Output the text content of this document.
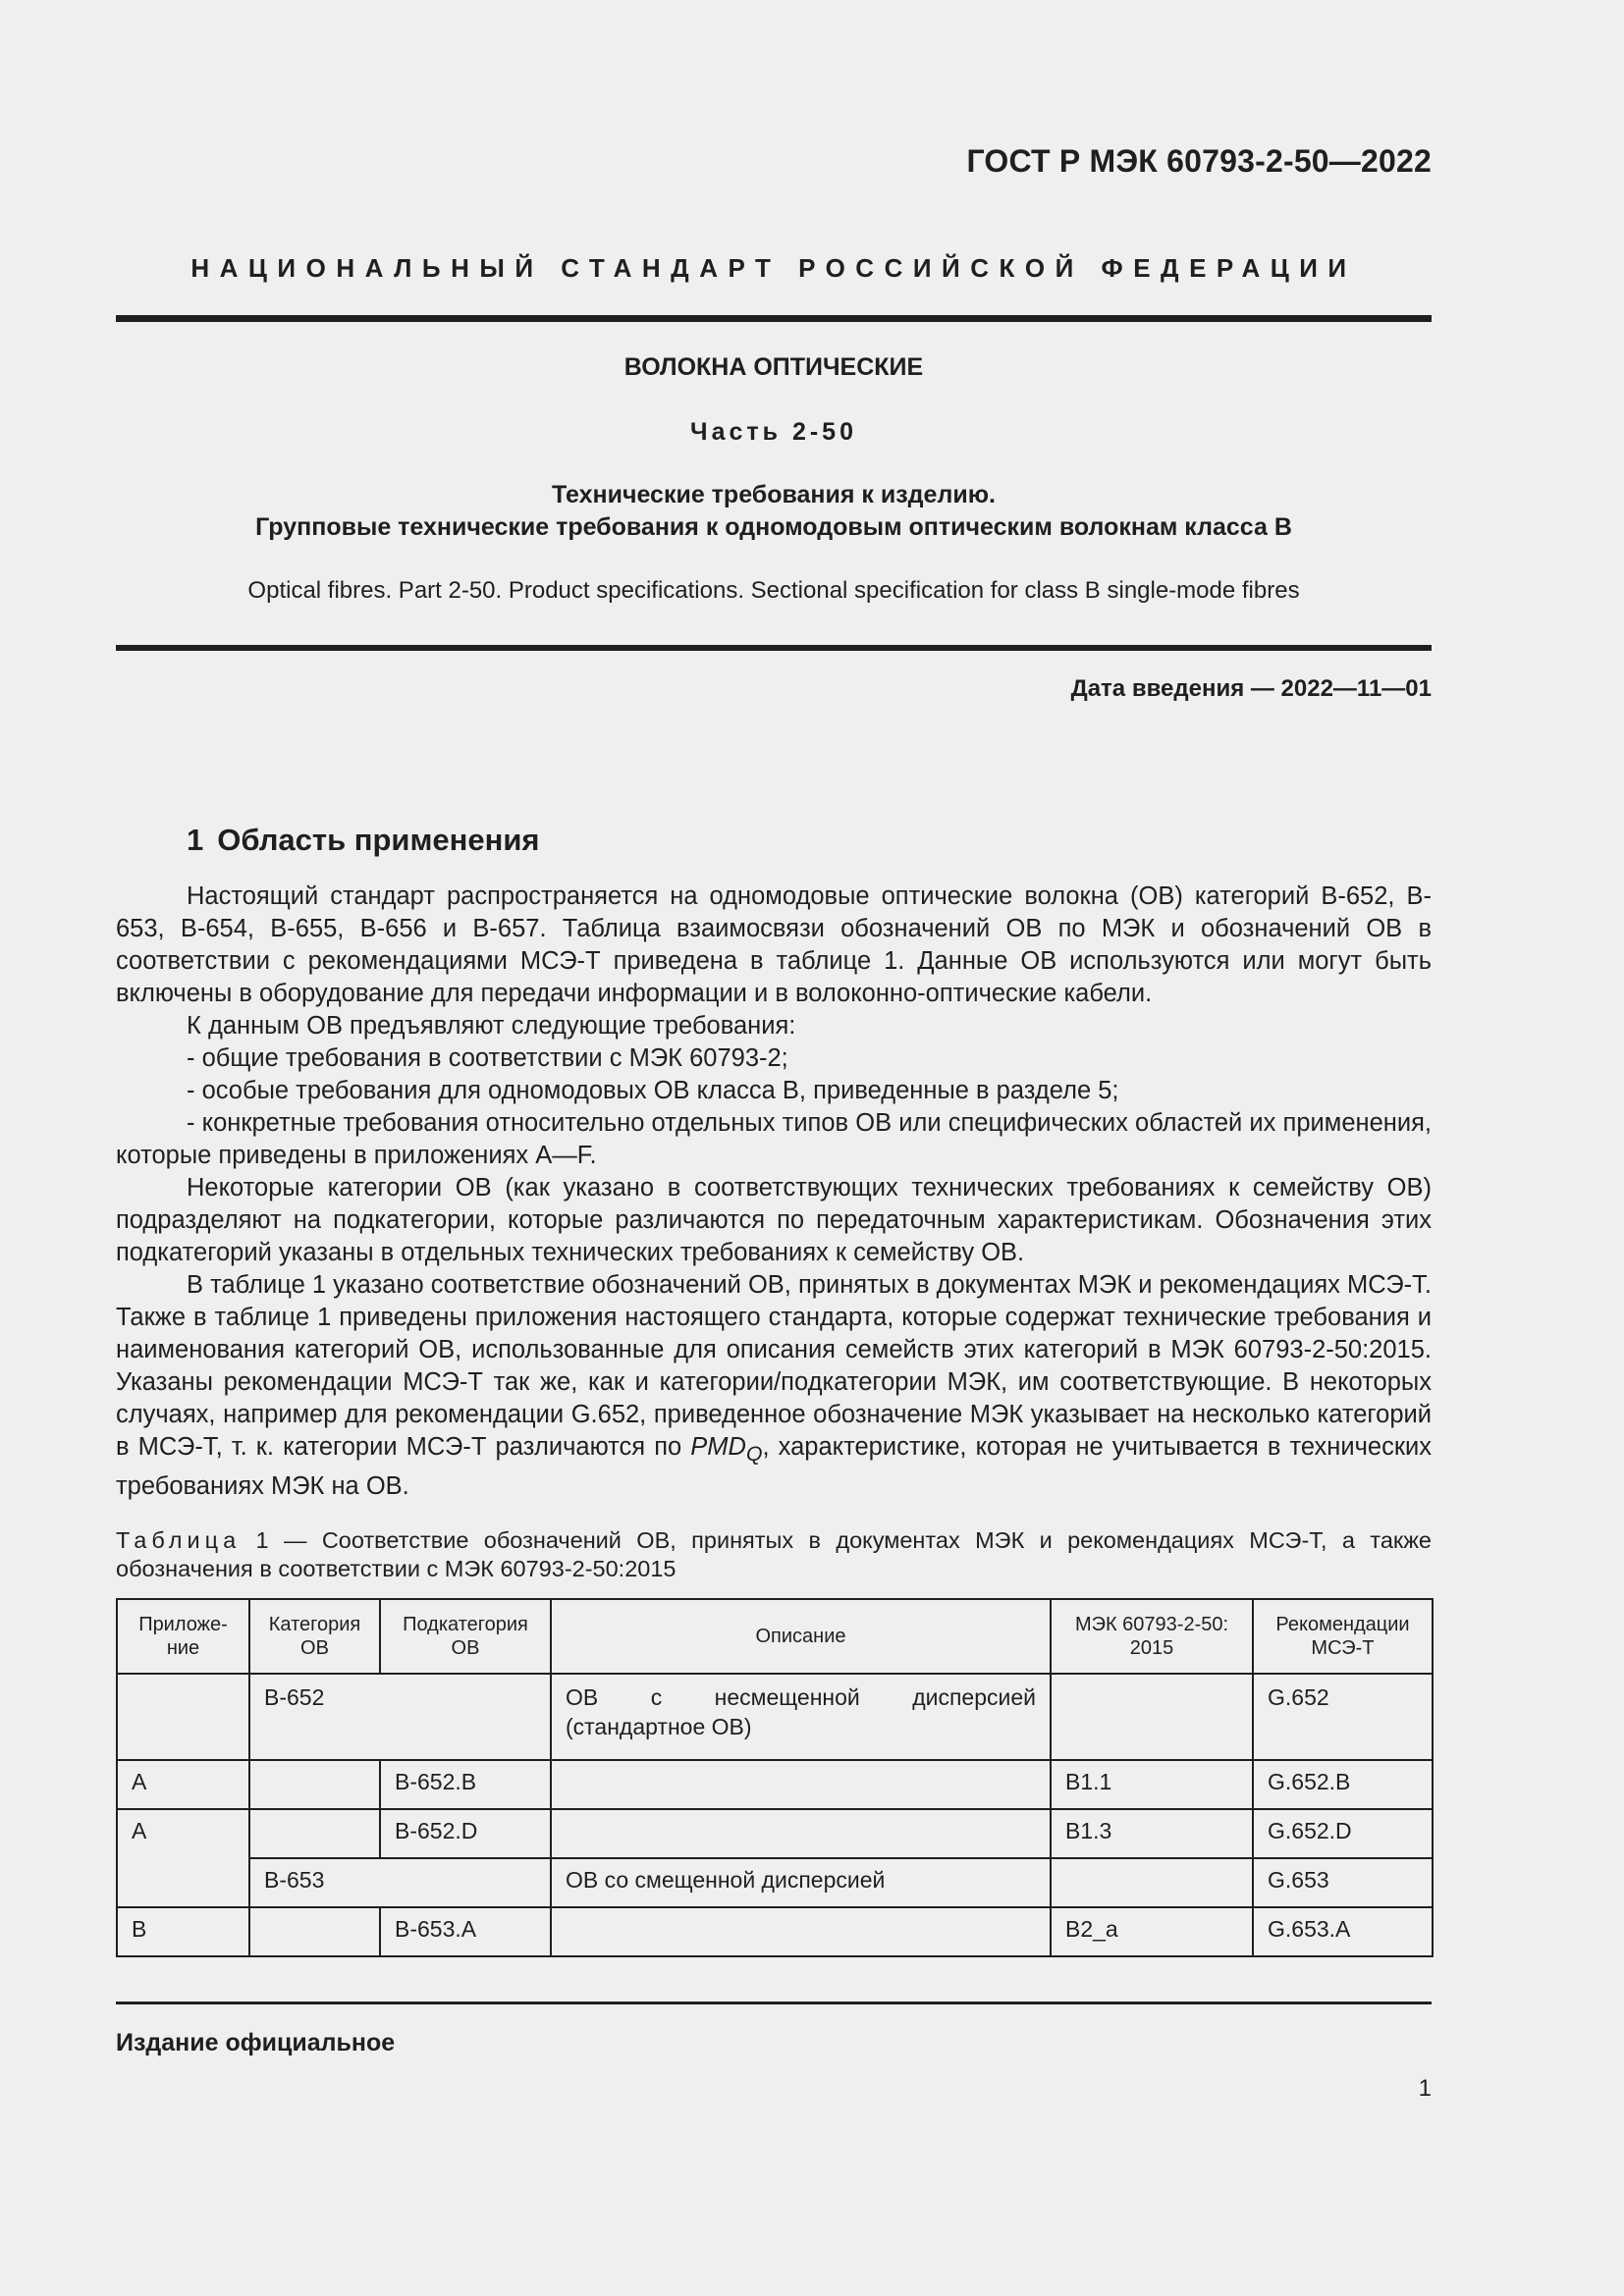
ГОСТ Р МЭК 60793-2-50—2022
НАЦИОНАЛЬНЫЙ СТАНДАРТ РОССИЙСКОЙ ФЕДЕРАЦИИ
ВОЛОКНА ОПТИЧЕСКИЕ
Часть 2-50
Технические требования к изделию.
Групповые технические требования к одномодовым оптическим волокнам класса B
Optical fibres. Part 2-50. Product specifications. Sectional specification for class B single-mode fibres
Дата введения — 2022—11—01
1 Область применения

Настоящий стандарт распространяется на одномодовые оптические волокна (ОВ) категорий B-652, B-653, B-654, B-655, B-656 и B-657. Таблица взаимосвязи обозначений ОВ по МЭК и обозначений ОВ в соответствии с рекомендациями МСЭ-Т приведена в таблице 1. Данные ОВ используются или могут быть включены в оборудование для передачи информации и в волоконно-оптические кабели.

К данным ОВ предъявляют следующие требования:

- общие требования в соответствии с МЭК 60793-2;

- особые требования для одномодовых ОВ класса B, приведенные в разделе 5;

- конкретные требования относительно отдельных типов ОВ или специфических областей их применения, которые приведены в приложениях А—F.

Некоторые категории ОВ (как указано в соответствующих технических требованиях к семейству ОВ) подразделяют на подкатегории, которые различаются по передаточным характеристикам. Обозначения этих подкатегорий указаны в отдельных технических требованиях к семейству ОВ.

В таблице 1 указано соответствие обозначений ОВ, принятых в документах МЭК и рекомендациях МСЭ-Т. Также в таблице 1 приведены приложения настоящего стандарта, которые содержат технические требования и наименования категорий ОВ, использованные для описания семейств этих категорий в МЭК 60793-2-50:2015. Указаны рекомендации МСЭ-Т так же, как и категории/подкатегории МЭК, им соответствующие. В некоторых случаях, например для рекомендации G.652, приведенное обозначение МЭК указывает на несколько категорий в МСЭ-Т, т. к. категории МСЭ-Т различаются по $PMD_Q$, характеристике, которая не учитывается в технических требованиях МЭК на ОВ.

Таблица 1 — Соответствие обозначений ОВ, принятых в документах МЭК и рекомендациях МСЭ-Т, а также обозначения в соответствии с МЭК 60793-2-50:2015
Приложе-ние	Категория ОВ	Подкатегория ОВ	Описание	МЭК 60793-2-50: 2015	Рекомендации МСЭ-Т
	B-652		ОВ с несмещенной дисперсией (стандартное ОВ)		G.652
A		B-652.B		B1.1	G.652.B
A		B-652.D		B1.3	G.652.D
	B-653		ОВ со смещенной дисперсией		G.653
B		B-653.A		B2_a	G.653.A
Издание официальное
1
